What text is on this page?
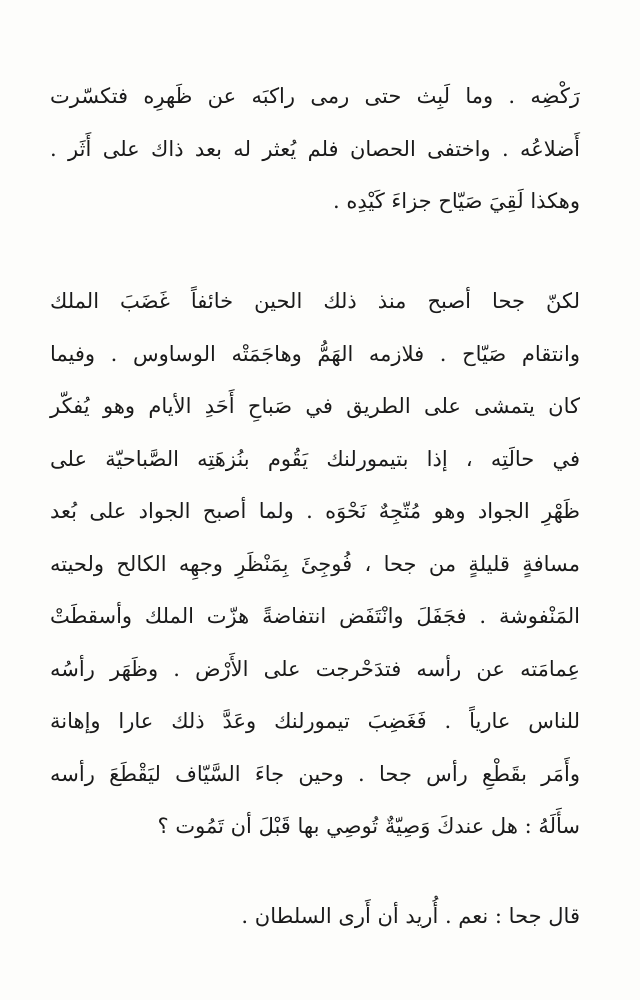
رَكْضِه . وما لَبِث حتى رمى راكبَه عن ظَهرِه فتكسّرت
أَضلاعُه . واختفى الحصان فلم يُعثر له بعد ذاك على أَثَر .
وهكذا لَقِيَ صَيّاح جزاءَ كَيْدِه .
لكنّ جحا أصبح منذ ذلك الحين خائفاً غَضَبَ الملك
وانتقام صَيّاح . فلازمه الهَمُّ وهاجَمَتْه الوساوس . وفيما
كان يتمشى على الطريق في صَباحِ أَحَدِ الأيام وهو يُفكّر
في حالَتِه ، إذا بتيمورلنك يَقُوم بنُزهَتِه الصَّباحيّة على
ظَهْرِ الجواد وهو مُتّجِهٌ نَحْوَه . ولما أصبح الجواد على بُعد
مسافةٍ قليلةٍ من جحا ، فُوجِئَ بِمَنْظَرِ وجهِه الكالح ولحيته
المَنْفوشة . فجَفَلَ وانْتَفَض انتفاضةً هزّت الملك وأسقطَتْ
عِمامَته عن رأسه فتدَحْرجت على الأَرْض . وظَهَر رأسُه
للناس عارياً . فَغَضِبَ تيمورلنك وعَدَّ ذلك عارا وإهانة
وأَمَر بقَطْعِ رأس جحا . وحين جاءَ السَّيّاف ليَقْطَعَ رأسه
سأَلَهُ : هل عندكَ وَصِيّةٌ تُوصِي بها قَبْلَ أن تَمُوت ؟
قال جحا : نعم . أُريد أن أَرى السلطان .
